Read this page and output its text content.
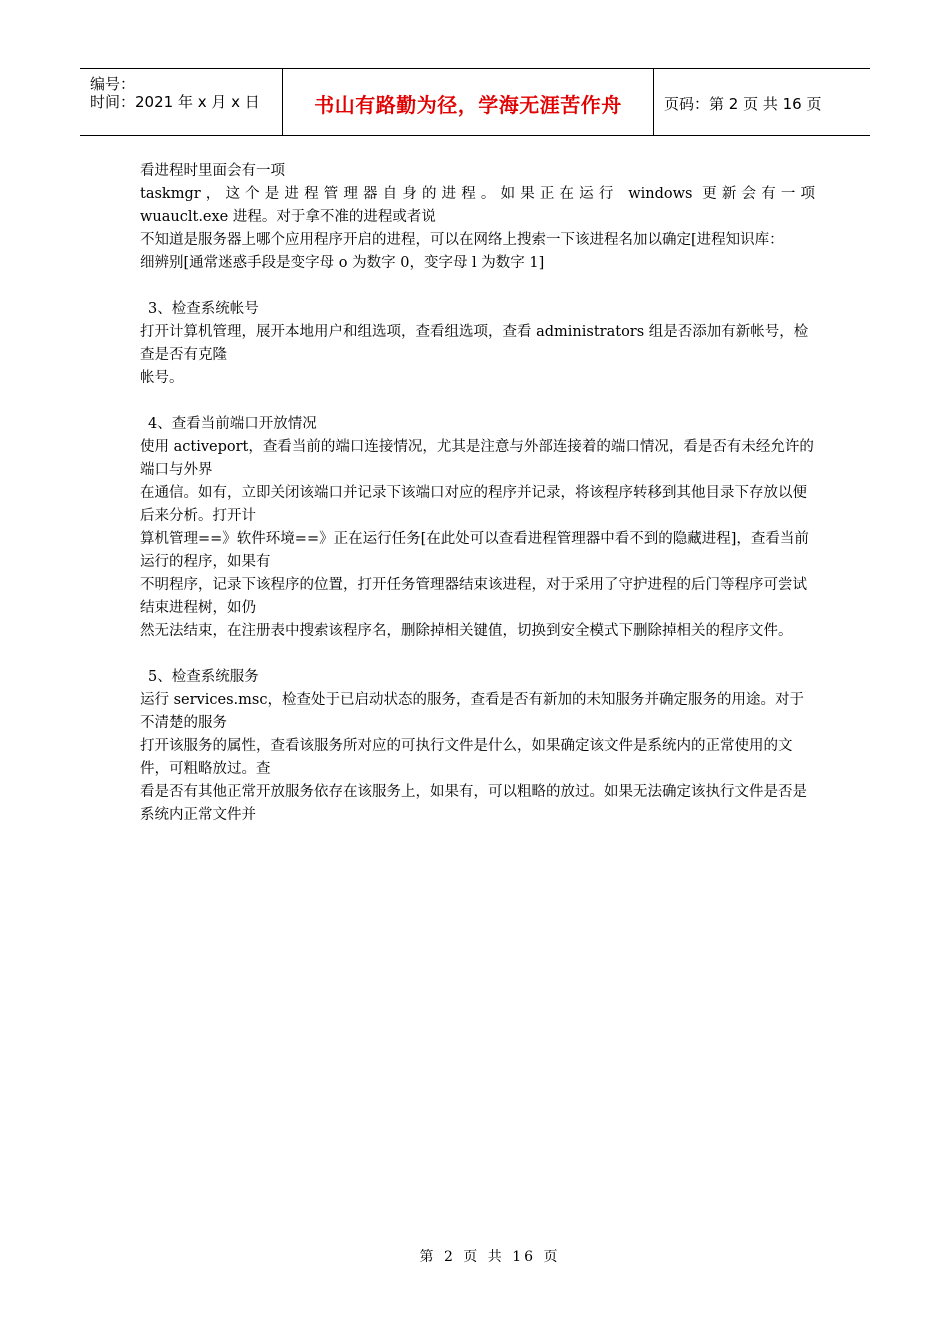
编号：
时间：2021 年 x 月 x 日	书山有路勤为径，学海无涯苦作舟	页码：第 2 页 共 16 页

看进程时里面会有一项

taskmgr，这个是进程管理器自身的进程。如果正在运行 windows 更新会有一项

wuauclt.exe 进程。对于拿不准的进程或者说

不知道是服务器上哪个应用程序开启的进程，可以在网络上搜索一下该进程名加以确定[进程知识库：

细辨别[通常迷惑手段是变字母 o 为数字 0，变字母 l 为数字 1]

3、检查系统帐号

打开计算机管理，展开本地用户和组选项，查看组选项，查看 administrators 组是否添加有新帐号，检查是否有克隆

帐号。

4、查看当前端口开放情况

使用 activeport，查看当前的端口连接情况，尤其是注意与外部连接着的端口情况，看是否有未经允许的端口与外界

在通信。如有，立即关闭该端口并记录下该端口对应的程序并记录，将该程序转移到其他目录下存放以便后来分析。打开计

算机管理==》软件环境==》正在运行任务[在此处可以查看进程管理器中看不到的隐藏进程]，查看当前运行的程序，如果有

不明程序，记录下该程序的位置，打开任务管理器结束该进程，对于采用了守护进程的后门等程序可尝试结束进程树，如仍

然无法结束，在注册表中搜索该程序名，删除掉相关键值，切换到安全模式下删除掉相关的程序文件。

5、检查系统服务

运行 services.msc，检查处于已启动状态的服务，查看是否有新加的未知服务并确定服务的用途。对于不清楚的服务

打开该服务的属性，查看该服务所对应的可执行文件是什么，如果确定该文件是系统内的正常使用的文件，可粗略放过。查

看是否有其他正常开放服务依存在该服务上，如果有，可以粗略的放过。如果无法确定该执行文件是否是系统内正常文件并

第 2 页 共 16 页
